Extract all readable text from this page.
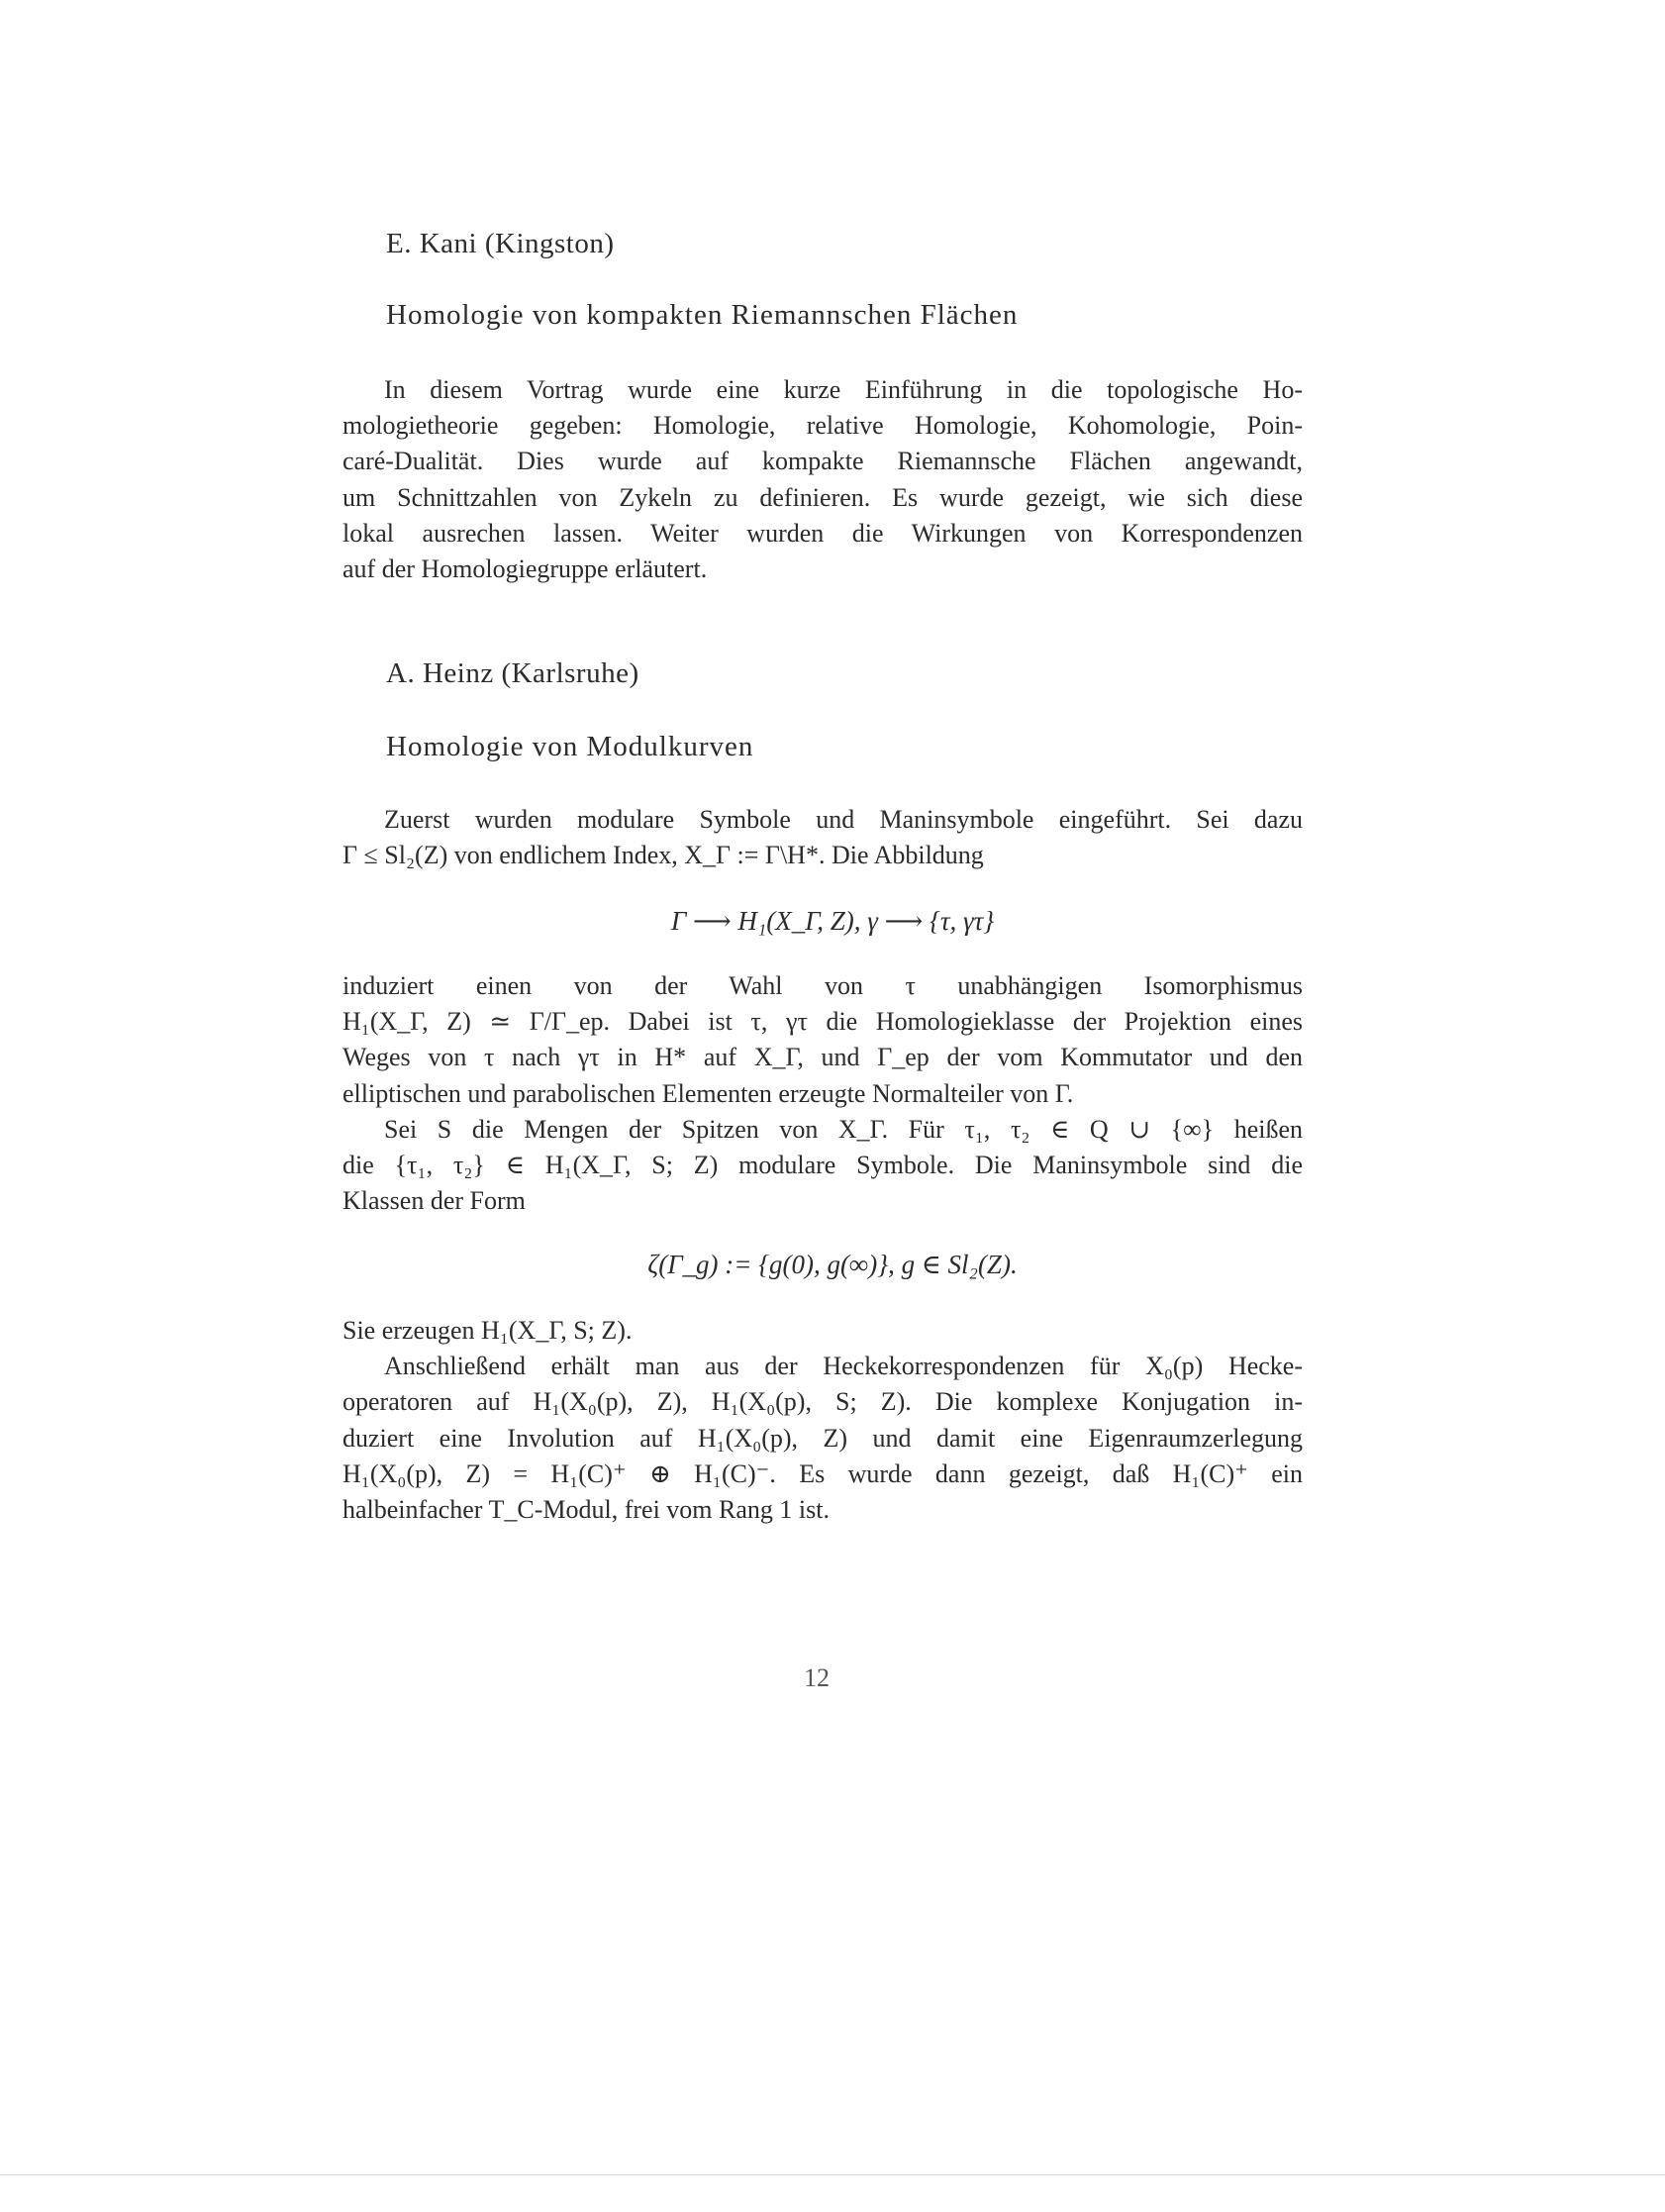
E. Kani (Kingston)
Homologie von kompakten Riemannschen Flächen
In diesem Vortrag wurde eine kurze Einführung in die topologische Ho-
mologietheorie gegeben: Homologie, relative Homologie, Kohomologie, Poin-
caré-Dualität. Dies wurde auf kompakte Riemannsche Flächen angewandt,
um Schnittzahlen von Zykeln zu definieren. Es wurde gezeigt, wie sich diese
lokal ausrechen lassen. Weiter wurden die Wirkungen von Korrespondenzen
auf der Homologiegruppe erläutert.
A. Heinz (Karlsruhe)
Homologie von Modulkurven
Zuerst wurden modulare Symbole und Maninsymbole eingeführt. Sei dazu
Γ ≤ Sl₂(Z) von endlichem Index, X_Γ := Γ\H*. Die Abbildung
Γ ⟶ H₁(X_Γ, Z), γ ⟶ {τ, γτ}
induziert einen von der Wahl von τ unabhängigen Isomorphismus
H₁(X_Γ, Z) ≃ Γ/Γ_ep. Dabei ist τ, γτ die Homologieklasse der Projektion eines
Weges von τ nach γτ in H* auf X_Γ, und Γ_ep der vom Kommutator und den
elliptischen und parabolischen Elementen erzeugte Normalteiler von Γ.
Sei S die Mengen der Spitzen von X_Γ. Für τ₁, τ₂ ∈ Q ∪ {∞} heißen
die {τ₁, τ₂} ∈ H₁(X_Γ, S; Z) modulare Symbole. Die Maninsymbole sind die
Klassen der Form
ζ(Γ_g) := {g(0), g(∞)}, g ∈ Sl₂(Z).
Sie erzeugen H₁(X_Γ, S; Z).
Anschließend erhält man aus der Heckekorrespondenzen für X₀(p) Hecke-
operatoren auf H₁(X₀(p), Z), H₁(X₀(p), S; Z). Die komplexe Konjugation in-
duziert eine Involution auf H₁(X₀(p), Z) und damit eine Eigenraumzerlegung
H₁(X₀(p), Z) = H₁(C)⁺ ⊕ H₁(C)⁻. Es wurde dann gezeigt, daß H₁(C)⁺ ein
halbeinfacher T_C-Modul, frei vom Rang 1 ist.
12
